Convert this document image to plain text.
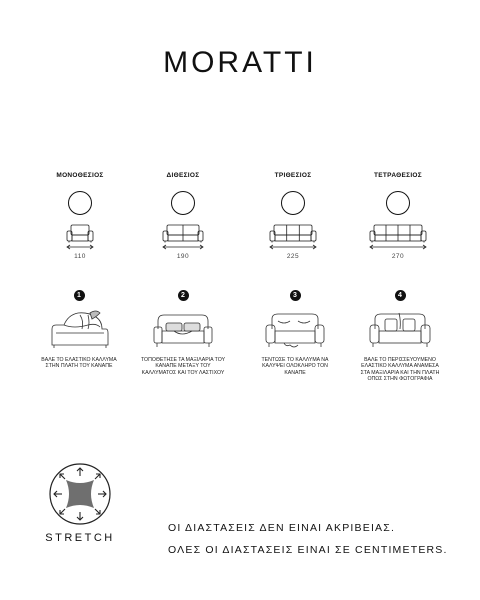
MORATTI
ΜΟΝΟΘΕΣΙΟΣ
110
ΔΙΘΕΣΙΟΣ
190
ΤΡΙΘΕΣΙΟΣ
225
ΤΕΤΡΑΘΕΣΙΟΣ
270
1
ΒΑΛΕ ΤΟ ΕΛΑΣΤΙΚΟ ΚΑΛΛΥΜΑ ΣΤΗΝ ΠΛΑΤΗ ΤΟΥ ΚΑΝΑΠΕ
2
ΤΟΠΟΘΕΤΗΣΕ ΤΑ ΜΑΞΙΛΑΡΙΑ ΤΟΥ ΚΑΝΑΠΕ ΜΕΤΑΞΥ ΤΟΥ ΚΑΛΛΥΜΑΤΟΣ ΚΑΙ ΤΟΥ ΛΑΣΤΙΧΟΥ
3
ΤΕΝΤΩΣΕ ΤΟ ΚΑΛΛΥΜΑ ΝΑ ΚΑΛΥΨΕΙ ΟΛΟΚΛΗΡΟ ΤΟΝ ΚΑΝΑΠΕ
4
ΒΑΛΕ ΤΟ ΠΕΡΙΣΣΕΥΟΥΜΕΝΟ ΕΛΑΣΤΙΚΟ ΚΑΛΛΥΜΑ ΑΝΑΜΕΣΑ ΣΤΑ ΜΑΞΙΛΑΡΙΑ ΚΑΙ ΤΗΝ ΠΛΑΤΗ ΟΠΩΣ ΣΤΗΝ ΦΩΤΟΓΡΑΦΙΑ
STRETCH
ΟΙ ΔΙΑΣΤΑΣΕΙΣ ΔΕΝ ΕΙΝΑΙ ΑΚΡΙΒΕΙΑΣ.
ΟΛΕΣ ΟΙ ΔΙΑΣΤΑΣΕΙΣ ΕΙΝΑΙ ΣΕ CENTIMETERS.
